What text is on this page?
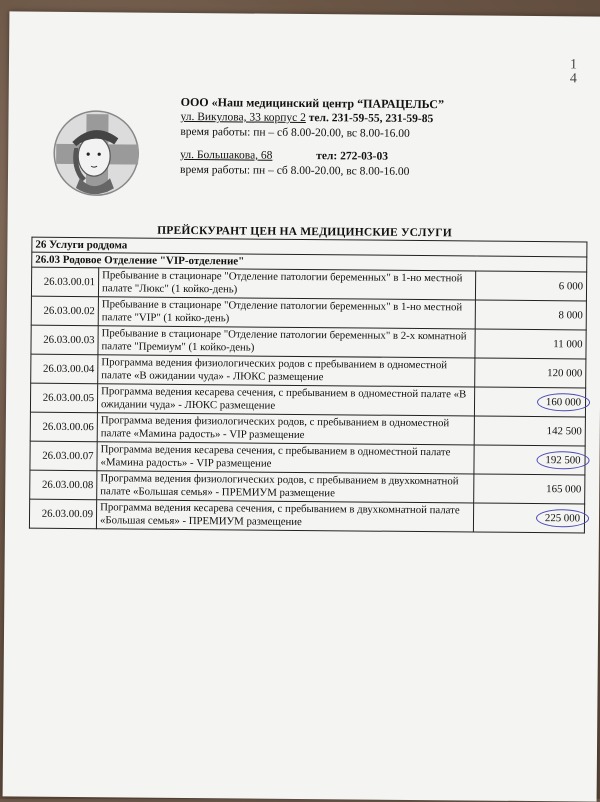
1
4
ООО «Наш медицинский центр “ПАРАЦЕЛЬС”
ул. Викулова, 33 корпус 2 тел. 231-59-55, 231-59-85
время работы: пн – сб 8.00-20.00, вс 8.00-16.00
ул. Большакова, 68	тел: 272-03-03
время работы: пн – сб 8.00-20.00, вс 8.00-16.00
ПРЕЙСКУРАНТ ЦЕН НА МЕДИЦИНСКИЕ УСЛУГИ
26 Услуги роддома		
26.03 Родовое Отделение "VIP-отделение"		
26.03.00.01	Пребывание в стационаре "Отделение патологии беременных" в 1-но местной палате "Люкс" (1 койко-день)	6 000
26.03.00.02	Пребывание в стационаре "Отделение патологии беременных" в 1-но местной палате "VIP" (1 койко-день)	8 000
26.03.00.03	Пребывание в стационаре "Отделение патологии беременных" в 2-х комнатной палате "Премиум" (1 койко-день)	11 000
26.03.00.04	Программа ведения физиологических родов с пребыванием в одноместной палате «В ожидании чуда» - ЛЮКС размещение	120 000
26.03.00.05	Программа ведения кесарева сечения, с пребыванием в одноместной палате «В ожидании чуда» - ЛЮКС размещение	160 000
26.03.00.06	Программа ведения физиологических родов, с пребыванием в одноместной палате «Мамина радость» - VIP размещение	142 500
26.03.00.07	Программа ведения кесарева сечения, с пребыванием в одноместной палате «Мамина радость» - VIP размещение	192 500
26.03.00.08	Программа ведения физиологических родов, с пребыванием в двухкомнатной палате «Большая семья» - ПРЕМИУМ размещение	165 000
26.03.00.09	Программа ведения кесарева сечения, с пребыванием в двухкомнатной палате «Большая семья» - ПРЕМИУМ размещение	225 000
